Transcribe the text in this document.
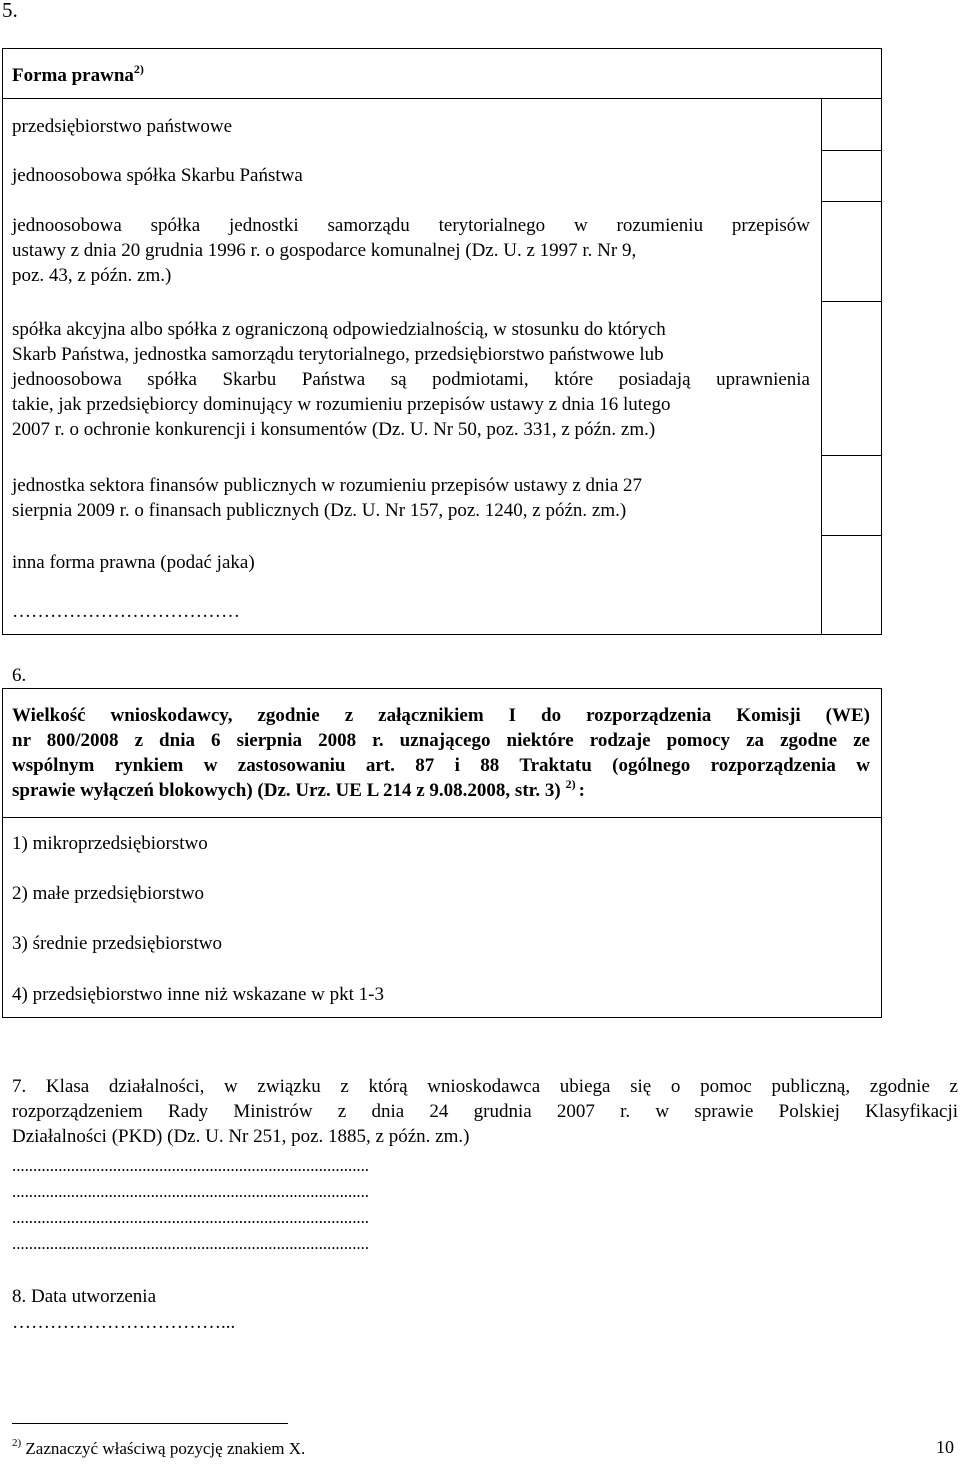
5.
Forma prawna$^{2)}$
przedsiębiorstwo państwowe
jednoosobowa spółka Skarbu Państwa
jednoosobowa spółka jednostki samorządu terytorialnego w rozumieniu przepisów
ustawy z dnia 20 grudnia 1996 r. o gospodarce komunalnej (Dz. U. z 1997 r. Nr 9,
poz. 43, z późn. zm.)
spółka akcyjna albo spółka z ograniczoną odpowiedzialnością, w stosunku do których
Skarb Państwa, jednostka samorządu terytorialnego, przedsiębiorstwo państwowe lub
jednoosobowa spółka Skarbu Państwa są podmiotami, które posiadają uprawnienia
takie, jak przedsiębiorcy dominujący w rozumieniu przepisów ustawy z dnia 16 lutego
2007 r. o ochronie konkurencji i konsumentów (Dz. U. Nr 50, poz. 331, z późn. zm.)
jednostka sektora finansów publicznych w rozumieniu przepisów ustawy z dnia 27
sierpnia 2009 r. o finansach publicznych (Dz. U. Nr 157, poz. 1240, z późn. zm.)
inna forma prawna (podać jaka)
………………………………
6.
Wielkość wnioskodawcy, zgodnie z załącznikiem I do rozporządzenia Komisji (WE)
nr 800/2008 z dnia 6 sierpnia 2008 r. uznającego niektóre rodzaje pomocy za zgodne ze
wspólnym rynkiem w zastosowaniu art. 87 i 88 Traktatu (ogólnego rozporządzenia w
sprawie wyłączeń blokowych) (Dz. Urz. UE L 214 z 9.08.2008, str. 3) $^{2)}$ :
1) mikroprzedsiębiorstwo
2) małe przedsiębiorstwo
3) średnie przedsiębiorstwo
4) przedsiębiorstwo inne niż wskazane w pkt 1-3
7. Klasa działalności, w związku z którą wnioskodawca ubiega się o pomoc publiczną, zgodnie z
rozporządzeniem Rady Ministrów z dnia 24 grudnia 2007 r. w sprawie Polskiej Klasyfikacji
Działalności (PKD) (Dz. U. Nr 251, poz. 1885, z późn. zm.)
.....................................................................................
.....................................................................................
.....................................................................................
.....................................................................................
8. Data utworzenia
……………………………...
$^{2)}$ Zaznaczyć właściwą pozycję znakiem X.	10
